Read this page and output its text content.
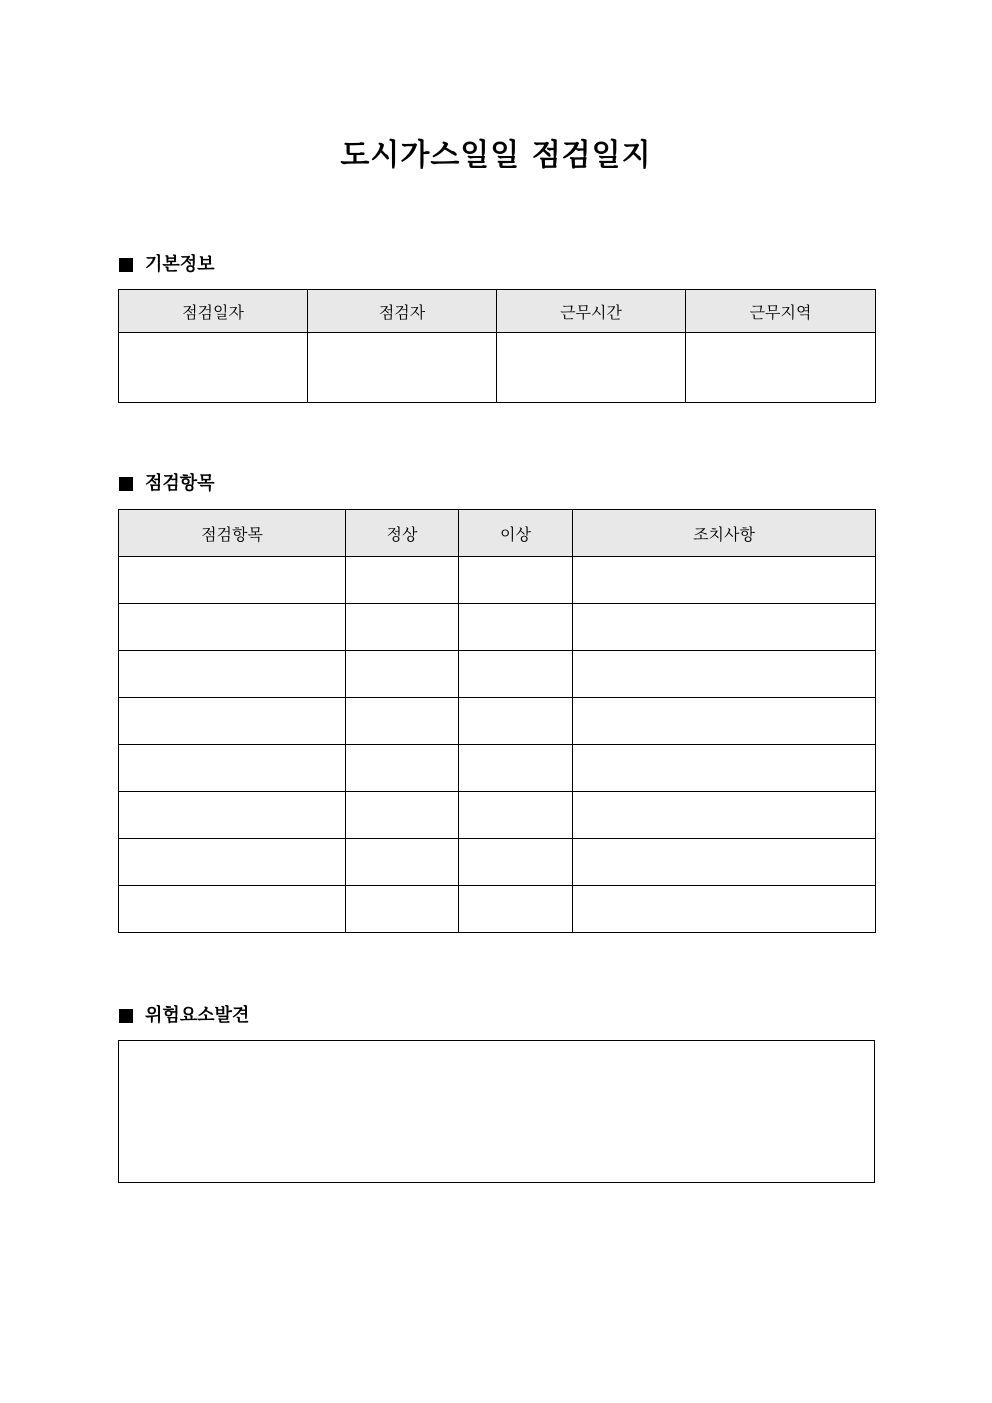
도시가스일일 점검일지
기본정보
점검일자	점검자	근무시간	근무지역

점검항목
점검항목	정상	이상	조치사항

위험요소발견
